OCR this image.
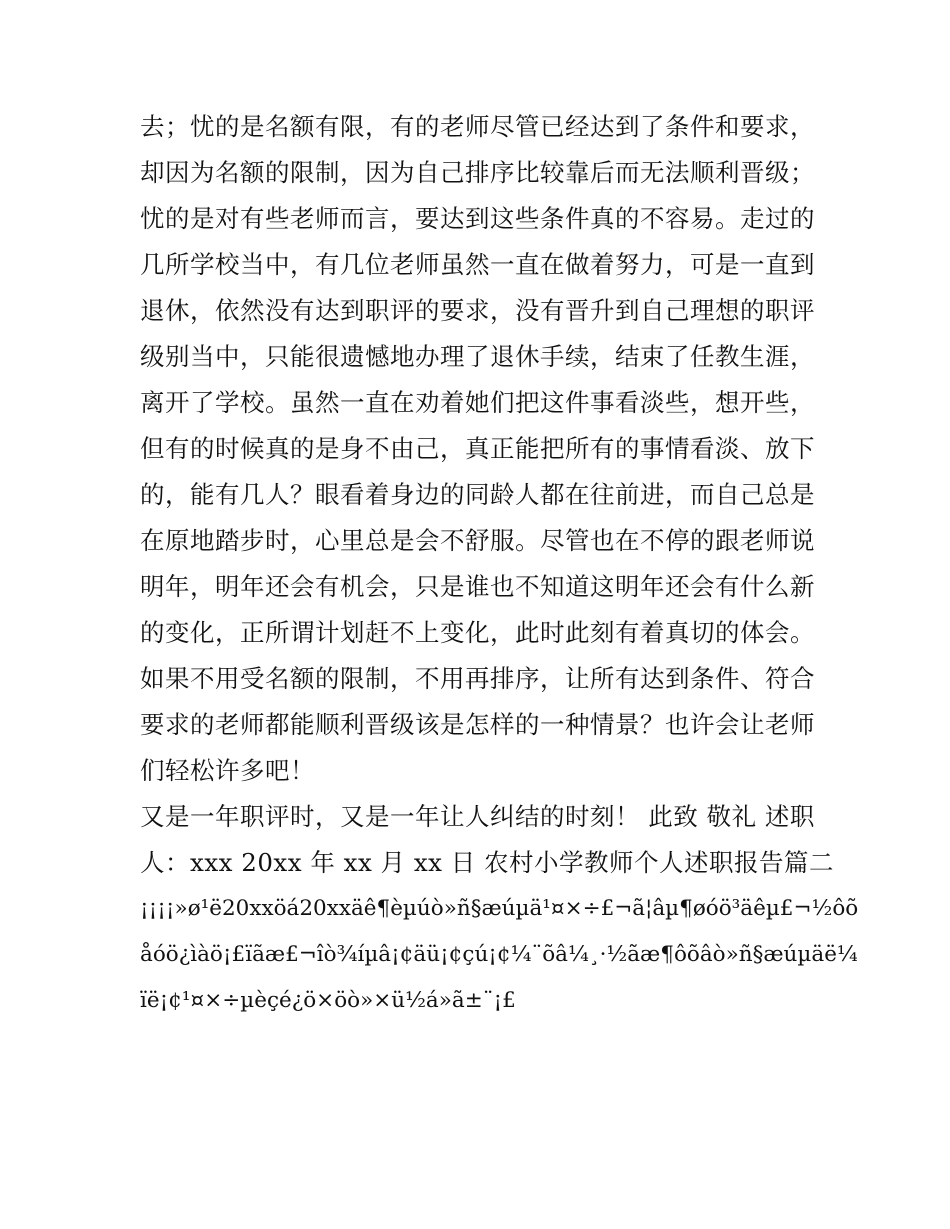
去；忧的是名额有限，有的老师尽管已经达到了条件和要求，
却因为名额的限制，因为自己排序比较靠后而无法顺利晋级；
忧的是对有些老师而言，要达到这些条件真的不容易。走过的
几所学校当中，有几位老师虽然一直在做着努力，可是一直到
退休，依然没有达到职评的要求，没有晋升到自己理想的职评
级别当中，只能很遗憾地办理了退休手续，结束了任教生涯，
离开了学校。虽然一直在劝着她们把这件事看淡些，想开些，
但有的时候真的是身不由己，真正能把所有的事情看淡、放下
的，能有几人？眼看着身边的同龄人都在往前进，而自己总是
在原地踏步时，心里总是会不舒服。尽管也在不停的跟老师说
明年，明年还会有机会，只是谁也不知道这明年还会有什么新
的变化，正所谓计划赶不上变化，此时此刻有着真切的体会。
如果不用受名额的限制，不用再排序，让所有达到条件、符合
要求的老师都能顺利晋级该是怎样的一种情景？也许会让老师
们轻松许多吧！
又是一年职评时，又是一年让人纠结的时刻！ 此致 敬礼 述职
人：xxx 20xx 年 xx 月 xx 日 农村小学教师个人述职报告篇二
¡¡¡¡»ø¹ë20xxöá20xxäê¶èµúò»ñ§æúµä¹¤×÷£¬ã¦âµ¶øóö³äêµ£¬½ôõ
åóö¿ìàö¡£ïãæ£¬îò¾íµâ¡¢äü¡¢çú¡¢¼¨õâ¼¸·½ãæ¶ôõâò»ñ§æúµäë¼
ïë¡¢¹¤×÷µèçé¿ö×öò»×ü½á»ã±¨¡£
